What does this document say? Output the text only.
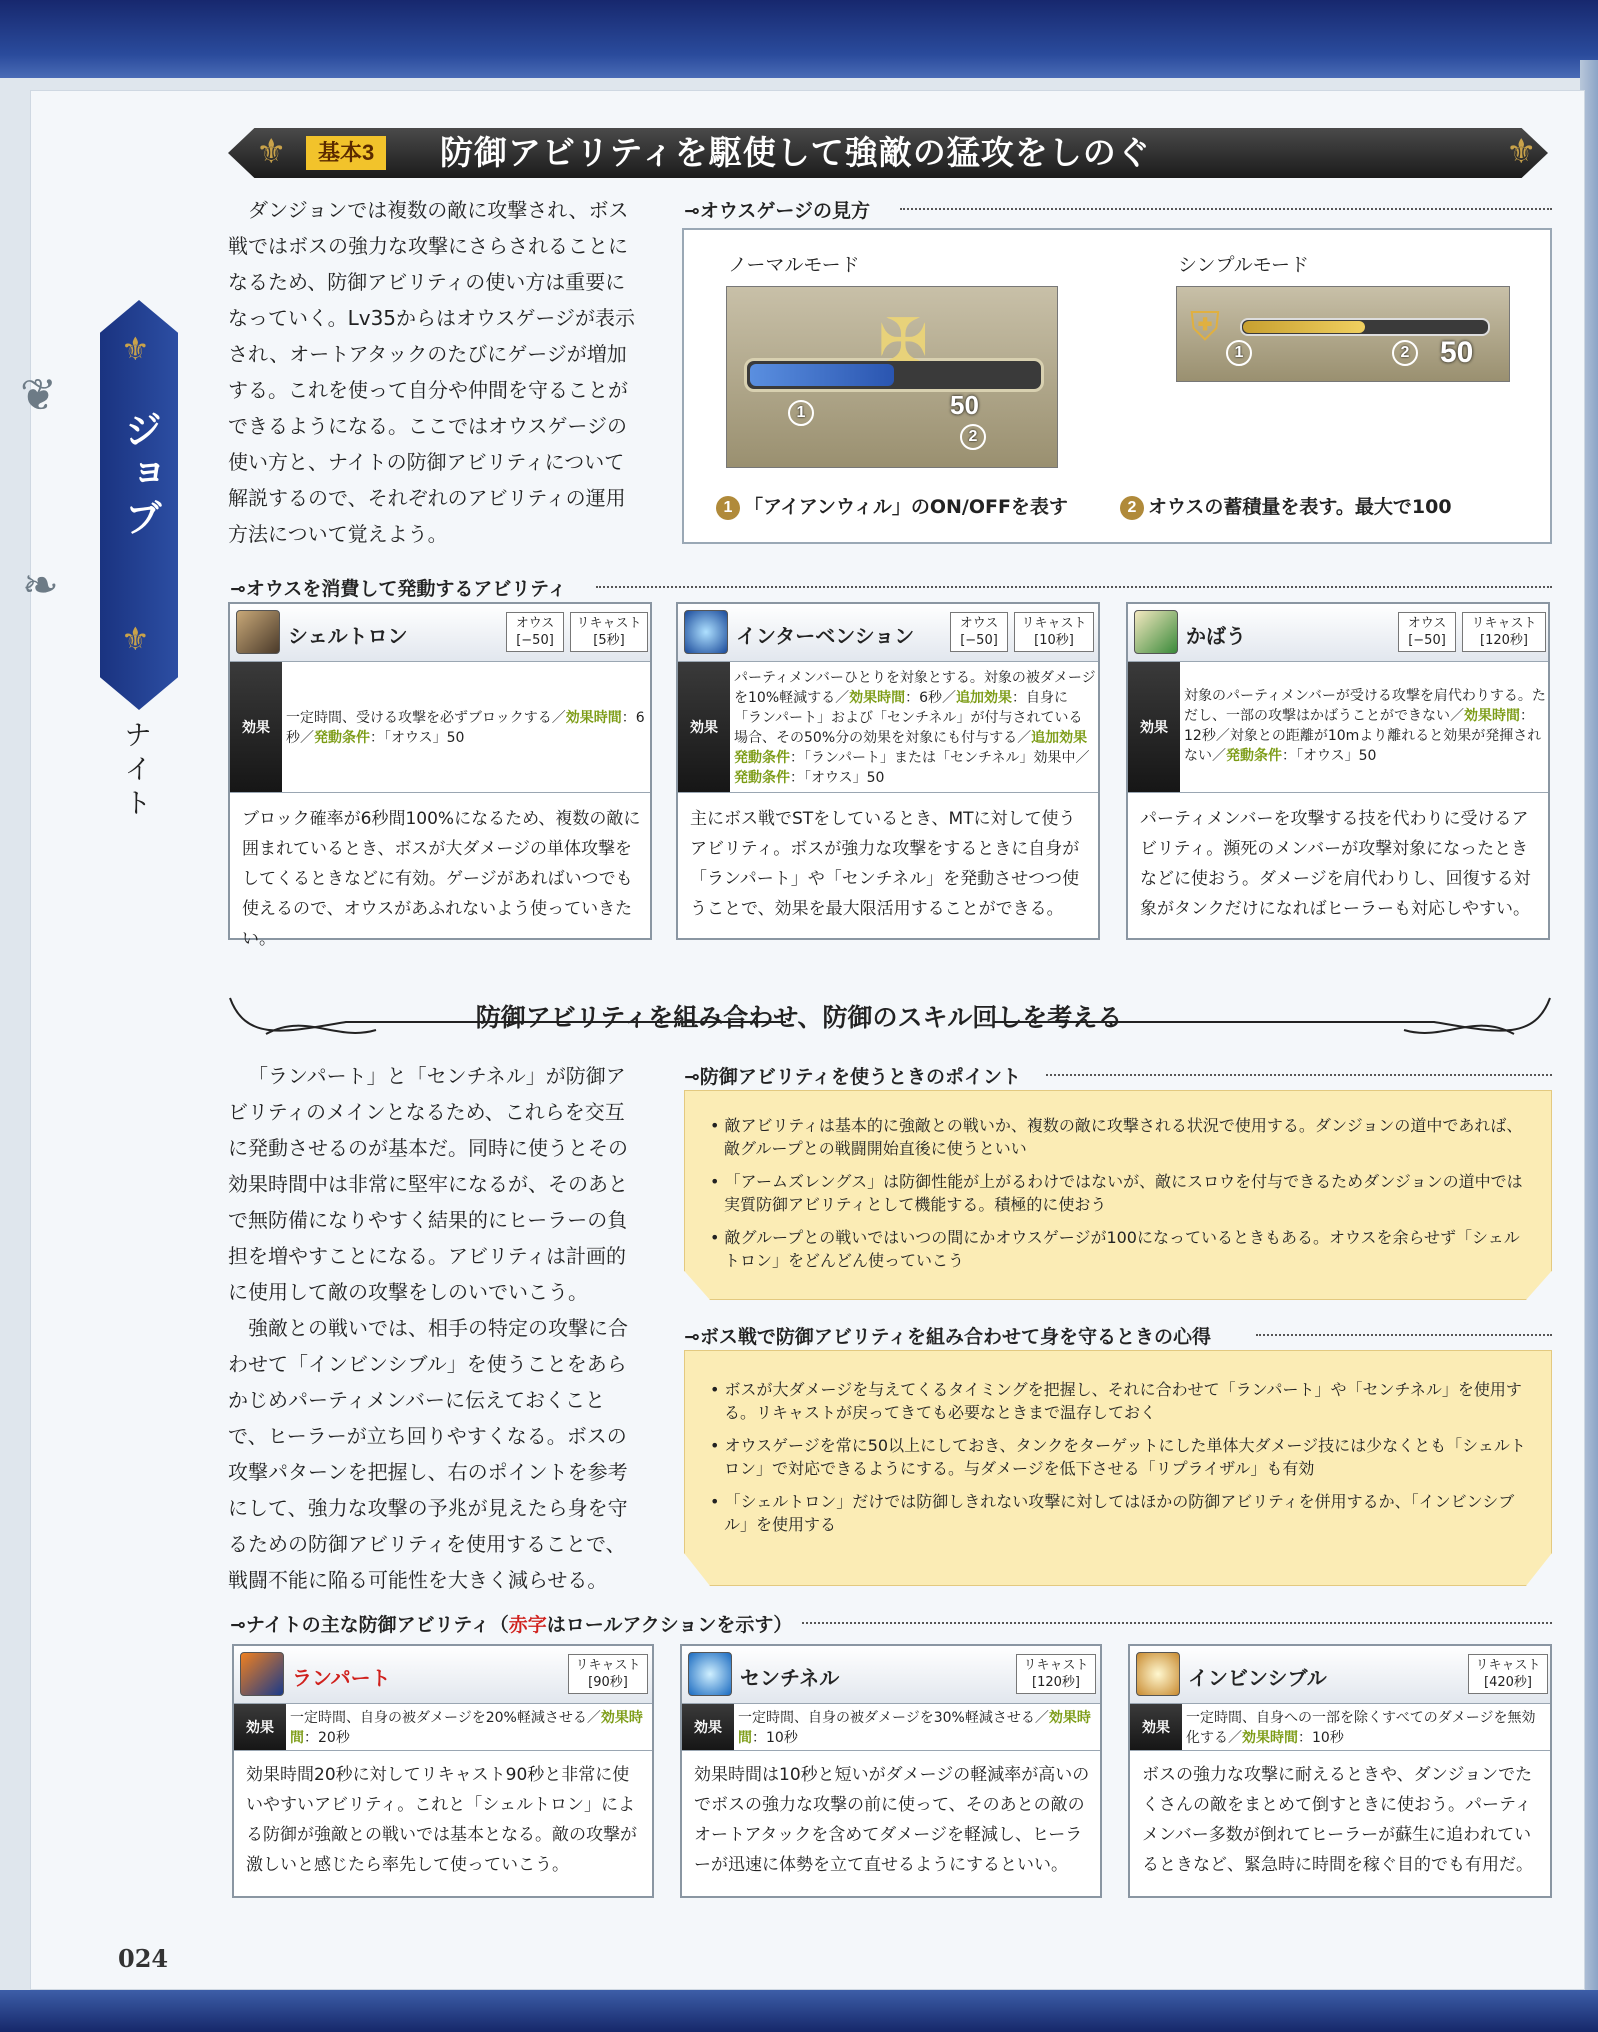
⚜	⚜
基本3	防御アビリティを駆使して強敵の猛攻をしのぐ
⚜
ジョブ
⚜
ナイト
❦
❧
ダンジョンでは複数の敵に攻撃され、ボス戦ではボスの強力な攻撃にさらされることになるため、防御アビリティの使い方は重要になっていく。Lv35からはオウスゲージが表示され、オートアタックのたびにゲージが増加する。これを使って自分や仲間を守ることができるようになる。ここではオウスゲージの使い方と、ナイトの防御アビリティについて解説するので、それぞれのアビリティの運用方法について覚えよう。
⊸オウスゲージの見方
ノーマルモード	シンプルモード
✠
50
1
2
⛨
50
1	2
1 「アイアンウィル」のON/OFFを表す	2 オウスの蓄積量を表す。最大で100
⊸オウスを消費して発動するアビリティ
シェルトロン
オウス
[−50]
リキャスト
[5秒]
効果
一定時間、受ける攻撃を必ずブロックする／効果時間：6秒／発動条件：「オウス」50
ブロック確率が6秒間100%になるため、複数の敵に囲まれているとき、ボスが大ダメージの単体攻撃をしてくるときなどに有効。ゲージがあればいつでも使えるので、オウスがあふれないよう使っていきたい。
インターベンション
オウス
[−50]
リキャスト
[10秒]
効果
パーティメンバーひとりを対象とする。対象の被ダメージを10%軽減する／効果時間：6秒／追加効果：自身に「ランパート」および「センチネル」が付与されている場合、その50%分の効果を対象にも付与する／追加効果発動条件：「ランパート」または「センチネル」効果中／発動条件：「オウス」50
主にボス戦でSTをしているとき、MTに対して使うアビリティ。ボスが強力な攻撃をするときに自身が「ランパート」や「センチネル」を発動させつつ使うことで、効果を最大限活用することができる。
かばう
オウス
[−50]
リキャスト
[120秒]
効果
対象のパーティメンバーが受ける攻撃を肩代わりする。ただし、一部の攻撃はかばうことができない／効果時間：12秒／対象との距離が10mより離れると効果が発揮されない／発動条件：「オウス」50
パーティメンバーを攻撃する技を代わりに受けるアビリティ。瀕死のメンバーが攻撃対象になったときなどに使おう。ダメージを肩代わりし、回復する対象がタンクだけになればヒーラーも対応しやすい。
防御アビリティを組み合わせ、防御のスキル回しを考える
「ランパート」と「センチネル」が防御アビリティのメインとなるため、これらを交互に発動させるのが基本だ。同時に使うとその効果時間中は非常に堅牢になるが、そのあとで無防備になりやすく結果的にヒーラーの負担を増やすことになる。アビリティは計画的に使用して敵の攻撃をしのいでいこう。
強敵との戦いでは、相手の特定の攻撃に合わせて「インビンシブル」を使うことをあらかじめパーティメンバーに伝えておくことで、ヒーラーが立ち回りやすくなる。ボスの攻撃パターンを把握し、右のポイントを参考にして、強力な攻撃の予兆が見えたら身を守るための防御アビリティを使用することで、戦闘不能に陥る可能性を大きく減らせる。
⊸防御アビリティを使うときのポイント
• 敵アビリティは基本的に強敵との戦いか、複数の敵に攻撃される状況で使用する。ダンジョンの道中であれば、敵グループとの戦闘開始直後に使うといい
• 「アームズレングス」は防御性能が上がるわけではないが、敵にスロウを付与できるためダンジョンの道中では実質防御アビリティとして機能する。積極的に使おう
• 敵グループとの戦いではいつの間にかオウスゲージが100になっているときもある。オウスを余らせず「シェルトロン」をどんどん使っていこう
⊸ボス戦で防御アビリティを組み合わせて身を守るときの心得
• ボスが大ダメージを与えてくるタイミングを把握し、それに合わせて「ランパート」や「センチネル」を使用する。リキャストが戻ってきても必要なときまで温存しておく
• オウスゲージを常に50以上にしておき、タンクをターゲットにした単体大ダメージ技には少なくとも「シェルトロン」で対応できるようにする。与ダメージを低下させる「リプライザル」も有効
• 「シェルトロン」だけでは防御しきれない攻撃に対してはほかの防御アビリティを併用するか、「インビンシブル」を使用する
⊸ナイトの主な防御アビリティ（赤字はロールアクションを示す）
ランパート
リキャスト
[90秒]
効果
一定時間、自身の被ダメージを20%軽減させる／効果時間：20秒
効果時間20秒に対してリキャスト90秒と非常に使いやすいアビリティ。これと「シェルトロン」による防御が強敵との戦いでは基本となる。敵の攻撃が激しいと感じたら率先して使っていこう。
センチネル
リキャスト
[120秒]
効果
一定時間、自身の被ダメージを30%軽減させる／効果時間：10秒
効果時間は10秒と短いがダメージの軽減率が高いのでボスの強力な攻撃の前に使って、そのあとの敵のオートアタックを含めてダメージを軽減し、ヒーラーが迅速に体勢を立て直せるようにするといい。
インビンシブル
リキャスト
[420秒]
効果
一定時間、自身への一部を除くすべてのダメージを無効化する／効果時間：10秒
ボスの強力な攻撃に耐えるときや、ダンジョンでたくさんの敵をまとめて倒すときに使おう。パーティメンバー多数が倒れてヒーラーが蘇生に追われているときなど、緊急時に時間を稼ぐ目的でも有用だ。
024
